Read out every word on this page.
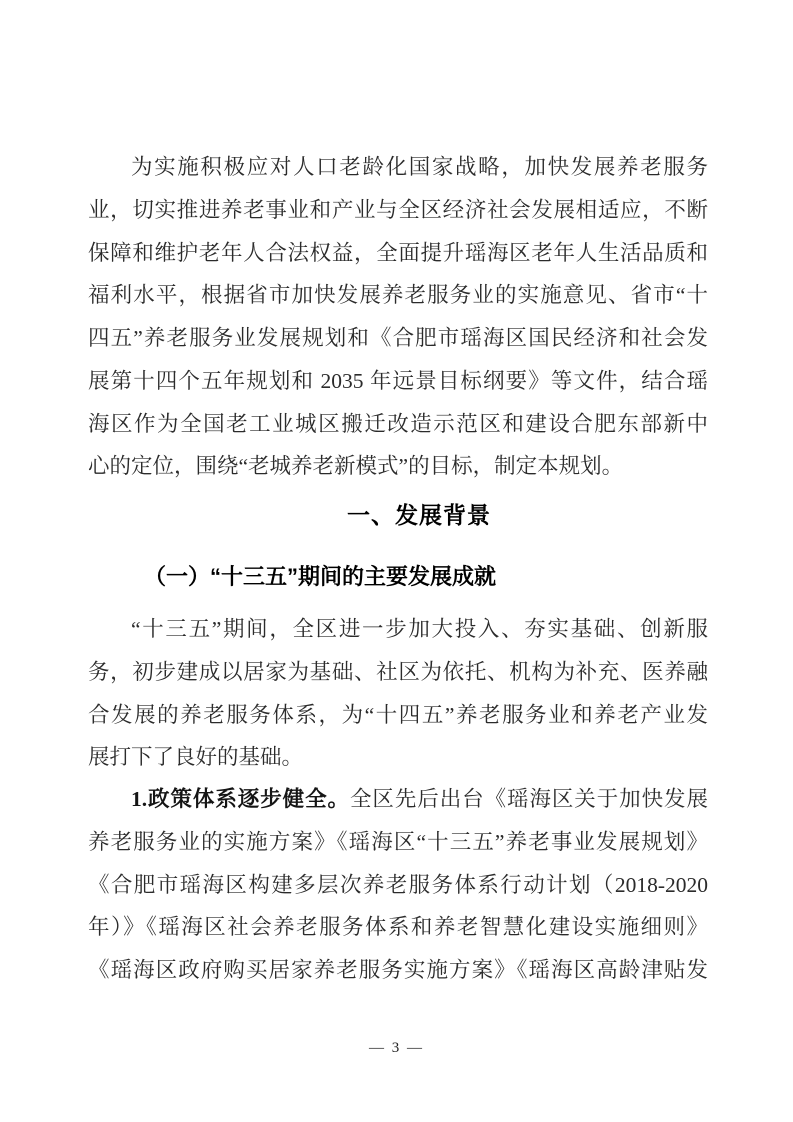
为实施积极应对人口老龄化国家战略，加快发展养老服务
业，切实推进养老事业和产业与全区经济社会发展相适应，不断
保障和维护老年人合法权益，全面提升瑶海区老年人生活品质和
福利水平，根据省市加快发展养老服务业的实施意见、省市“十
四五”养老服务业发展规划和《合肥市瑶海区国民经济和社会发
展第十四个五年规划和 2035 年远景目标纲要》等文件，结合瑶
海区作为全国老工业城区搬迁改造示范区和建设合肥东部新中
心的定位，围绕“老城养老新模式”的目标，制定本规划。
一、发展背景
（一）“十三五”期间的主要发展成就
“十三五”期间，全区进一步加大投入、夯实基础、创新服
务，初步建成以居家为基础、社区为依托、机构为补充、医养融
合发展的养老服务体系，为“十四五”养老服务业和养老产业发
展打下了良好的基础。
1.政策体系逐步健全。全区先后出台《瑶海区关于加快发展
养老服务业的实施方案》《瑶海区“十三五”养老事业发展规划》
《合肥市瑶海区构建多层次养老服务体系行动计划（2018-2020
年）》《瑶海区社会养老服务体系和养老智慧化建设实施细则》
《瑶海区政府购买居家养老服务实施方案》《瑶海区高龄津贴发
— 3 —
